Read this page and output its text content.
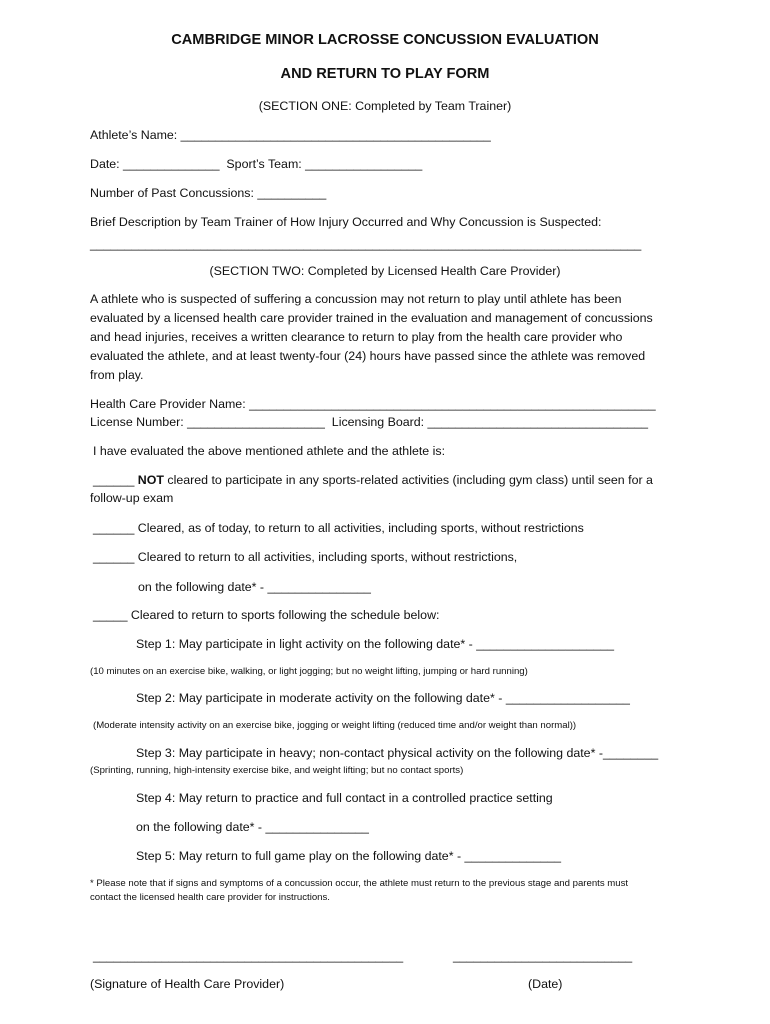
CAMBRIDGE MINOR LACROSSE CONCUSSION EVALUATION
AND RETURN TO PLAY FORM
(SECTION ONE: Completed by Team Trainer)
Athlete’s Name: _____________________________________________
Date: ______________  Sport’s Team: _________________
Number of Past Concussions: __________
Brief Description by Team Trainer of How Injury Occurred and Why Concussion is Suspected:
________________________________________________________________________________
(SECTION TWO: Completed by Licensed Health Care Provider)
A athlete who is suspected of suffering a concussion may not return to play until athlete has been
evaluated by a licensed health care provider trained in the evaluation and management of concussions
and head injuries, receives a written clearance to return to play from the health care provider who
evaluated the athlete, and at least twenty-four (24) hours have passed since the athlete was removed
from play.
Health Care Provider Name: ___________________________________________________________
License Number: ____________________  Licensing Board: ________________________________
I have evaluated the above mentioned athlete and the athlete is:
______ NOT cleared to participate in any sports-related activities (including gym class) until seen for a
follow-up exam
______ Cleared, as of today, to return to all activities, including sports, without restrictions
______ Cleared to return to all activities, including sports, without restrictions,
on the following date* - _______________
_____ Cleared to return to sports following the schedule below:
Step 1: May participate in light activity on the following date* - ____________________
(10 minutes on an exercise bike, walking, or light jogging; but no weight lifting, jumping or hard running)
Step 2: May participate in moderate activity on the following date* - __________________
(Moderate intensity activity on an exercise bike, jogging or weight lifting (reduced time and/or weight than normal))
Step 3: May participate in heavy; non-contact physical activity on the following date* -________
(Sprinting, running, high-intensity exercise bike, and weight lifting; but no contact sports)
Step 4: May return to practice and full contact in a controlled practice setting
on the following date* - _______________
Step 5: May return to full game play on the following date* - ______________
* Please note that if signs and symptoms of a concussion occur, the athlete must return to the previous stage and parents must
contact the licensed health care provider for instructions.
_____________________________________________	__________________________
(Signature of Health Care Provider)	(Date)
